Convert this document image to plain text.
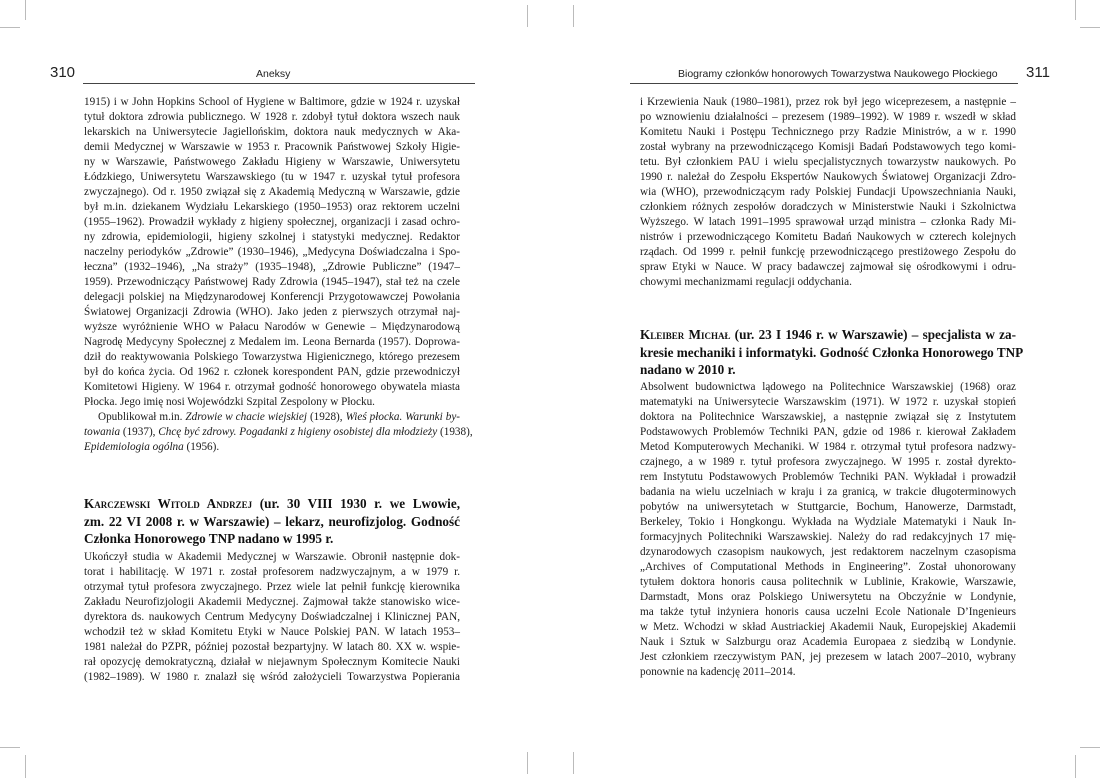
310	Aneksy

1915) i w John Hopkins School of Hygiene w Baltimore, gdzie w 1924 r. uzyskał

tytuł doktora zdrowia publicznego. W 1928 r. zdobył tytuł doktora wszech nauk

lekarskich na Uniwersytecie Jagiellońskim, doktora nauk medycznych w Aka-

demii Medycznej w Warszawie w 1953 r. Pracownik Państwowej Szkoły Higie-

ny w Warszawie, Państwowego Zakładu Higieny w Warszawie, Uniwersytetu

Łódzkiego, Uniwersytetu Warszawskiego (tu w 1947 r. uzyskał tytuł profesora

zwyczajnego). Od r. 1950 związał się z Akademią Medyczną w Warszawie, gdzie

był m.in. dziekanem Wydziału Lekarskiego (1950–1953) oraz rektorem uczelni

(1955–1962). Prowadził wykłady z higieny społecznej, organizacji i zasad ochro-

ny zdrowia, epidemiologii, higieny szkolnej i statystyki medycznej. Redaktor

naczelny periodyków „Zdrowie” (1930–1946), „Medycyna Doświadczalna i Spo-

łeczna” (1932–1946), „Na straży” (1935–1948), „Zdrowie Publiczne” (1947–

1959). Przewodniczący Państwowej Rady Zdrowia (1945–1947), stał też na czele

delegacji polskiej na Międzynarodowej Konferencji Przygotowawczej Powołania

Światowej Organizacji Zdrowia (WHO). Jako jeden z pierwszych otrzymał naj-

wyższe wyróżnienie WHO w Pałacu Narodów w Genewie – Międzynarodową

Nagrodę Medycyny Społecznej z Medalem im. Leona Bernarda (1957). Doprowa-

dził do reaktywowania Polskiego Towarzystwa Higienicznego, którego prezesem

był do końca życia. Od 1962 r. członek korespondent PAN, gdzie przewodniczył

Komitetowi Higieny. W 1964 r. otrzymał godność honorowego obywatela miasta

Płocka. Jego imię nosi Wojewódzki Szpital Zespolony w Płocku.

Opublikował m.in. Zdrowie w chacie wiejskiej (1928), Wieś płocka. Warunki by-

towania (1937), Chcę być zdrowy. Pogadanki z higieny osobistej dla młodzieży (1938),

Epidemiologia ogólna (1956).

Karczewski Witold Andrzej (ur. 30 VIII 1930 r. we Lwowie,

zm. 22 VI 2008 r. w Warszawie) – lekarz, neurofizjolog. Godność

Członka Honorowego TNP nadano w 1995 r.

Ukończył studia w Akademii Medycznej w Warszawie. Obronił następnie dok-

torat i habilitację. W 1971 r. został profesorem nadzwyczajnym, a w 1979 r.

otrzymał tytuł profesora zwyczajnego. Przez wiele lat pełnił funkcję kierownika

Zakładu Neurofizjologii Akademii Medycznej. Zajmował także stanowisko wice-

dyrektora ds. naukowych Centrum Medycyny Doświadczalnej i Klinicznej PAN,

wchodził też w skład Komitetu Etyki w Nauce Polskiej PAN. W latach 1953–

1981 należał do PZPR, później pozostał bezpartyjny. W latach 80. XX w. wspie-

rał opozycję demokratyczną, działał w niejawnym Społecznym Komitecie Nauki

(1982–1989). W 1980 r. znalazł się wśród założycieli Towarzystwa Popierania

Biogramy członków honorowych Towarzystwa Naukowego Płockiego 311

i Krzewienia Nauk (1980–1981), przez rok był jego wiceprezesem, a następnie –

po wznowieniu działalności – prezesem (1989–1992). W 1989 r. wszedł w skład

Komitetu Nauki i Postępu Technicznego przy Radzie Ministrów, a w r. 1990

został wybrany na przewodniczącego Komisji Badań Podstawowych tego komi-

tetu. Był członkiem PAU i wielu specjalistycznych towarzystw naukowych. Po

1990 r. należał do Zespołu Ekspertów Naukowych Światowej Organizacji Zdro-

wia (WHO), przewodniczącym rady Polskiej Fundacji Upowszechniania Nauki,

członkiem różnych zespołów doradczych w Ministerstwie Nauki i Szkolnictwa

Wyższego. W latach 1991–1995 sprawował urząd ministra – członka Rady Mi-

nistrów i przewodniczącego Komitetu Badań Naukowych w czterech kolejnych

rządach. Od 1999 r. pełnił funkcję przewodniczącego prestiżowego Zespołu do

spraw Etyki w Nauce. W pracy badawczej zajmował się ośrodkowymi i odru-

chowymi mechanizmami regulacji oddychania.

Kleiber Michał (ur. 23 I 1946 r. w Warszawie) – specjalista w za-

kresie mechaniki i informatyki. Godność Członka Honorowego TNP

nadano w 2010 r.

Absolwent budownictwa lądowego na Politechnice Warszawskiej (1968) oraz

matematyki na Uniwersytecie Warszawskim (1971). W 1972 r. uzyskał stopień

doktora na Politechnice Warszawskiej, a następnie związał się z Instytutem

Podstawowych Problemów Techniki PAN, gdzie od 1986 r. kierował Zakładem

Metod Komputerowych Mechaniki. W 1984 r. otrzymał tytuł profesora nadzwy-

czajnego, a w 1989 r. tytuł profesora zwyczajnego. W 1995 r. został dyrekto-

rem Instytutu Podstawowych Problemów Techniki PAN. Wykładał i prowadził

badania na wielu uczelniach w kraju i za granicą, w trakcie długoterminowych

pobytów na uniwersytetach w Stuttgarcie, Bochum, Hanowerze, Darmstadt,

Berkeley, Tokio i Hongkongu. Wykłada na Wydziale Matematyki i Nauk In-

formacyjnych Politechniki Warszawskiej. Należy do rad redakcyjnych 17 mię-

dzynarodowych czasopism naukowych, jest redaktorem naczelnym czasopisma

„Archives of Computational Methods in Engineering”. Został uhonorowany

tytułem doktora honoris causa politechnik w Lublinie, Krakowie, Warszawie,

Darmstadt, Mons oraz Polskiego Uniwersytetu na Obczyźnie w Londynie,

ma także tytuł inżyniera honoris causa uczelni Ecole Nationale D’Ingenieurs

w Metz. Wchodzi w skład Austriackiej Akademii Nauk, Europejskiej Akademii

Nauk i Sztuk w Salzburgu oraz Academia Europaea z siedzibą w Londynie.

Jest członkiem rzeczywistym PAN, jej prezesem w latach 2007–2010, wybrany

ponownie na kadencję 2011–2014.
